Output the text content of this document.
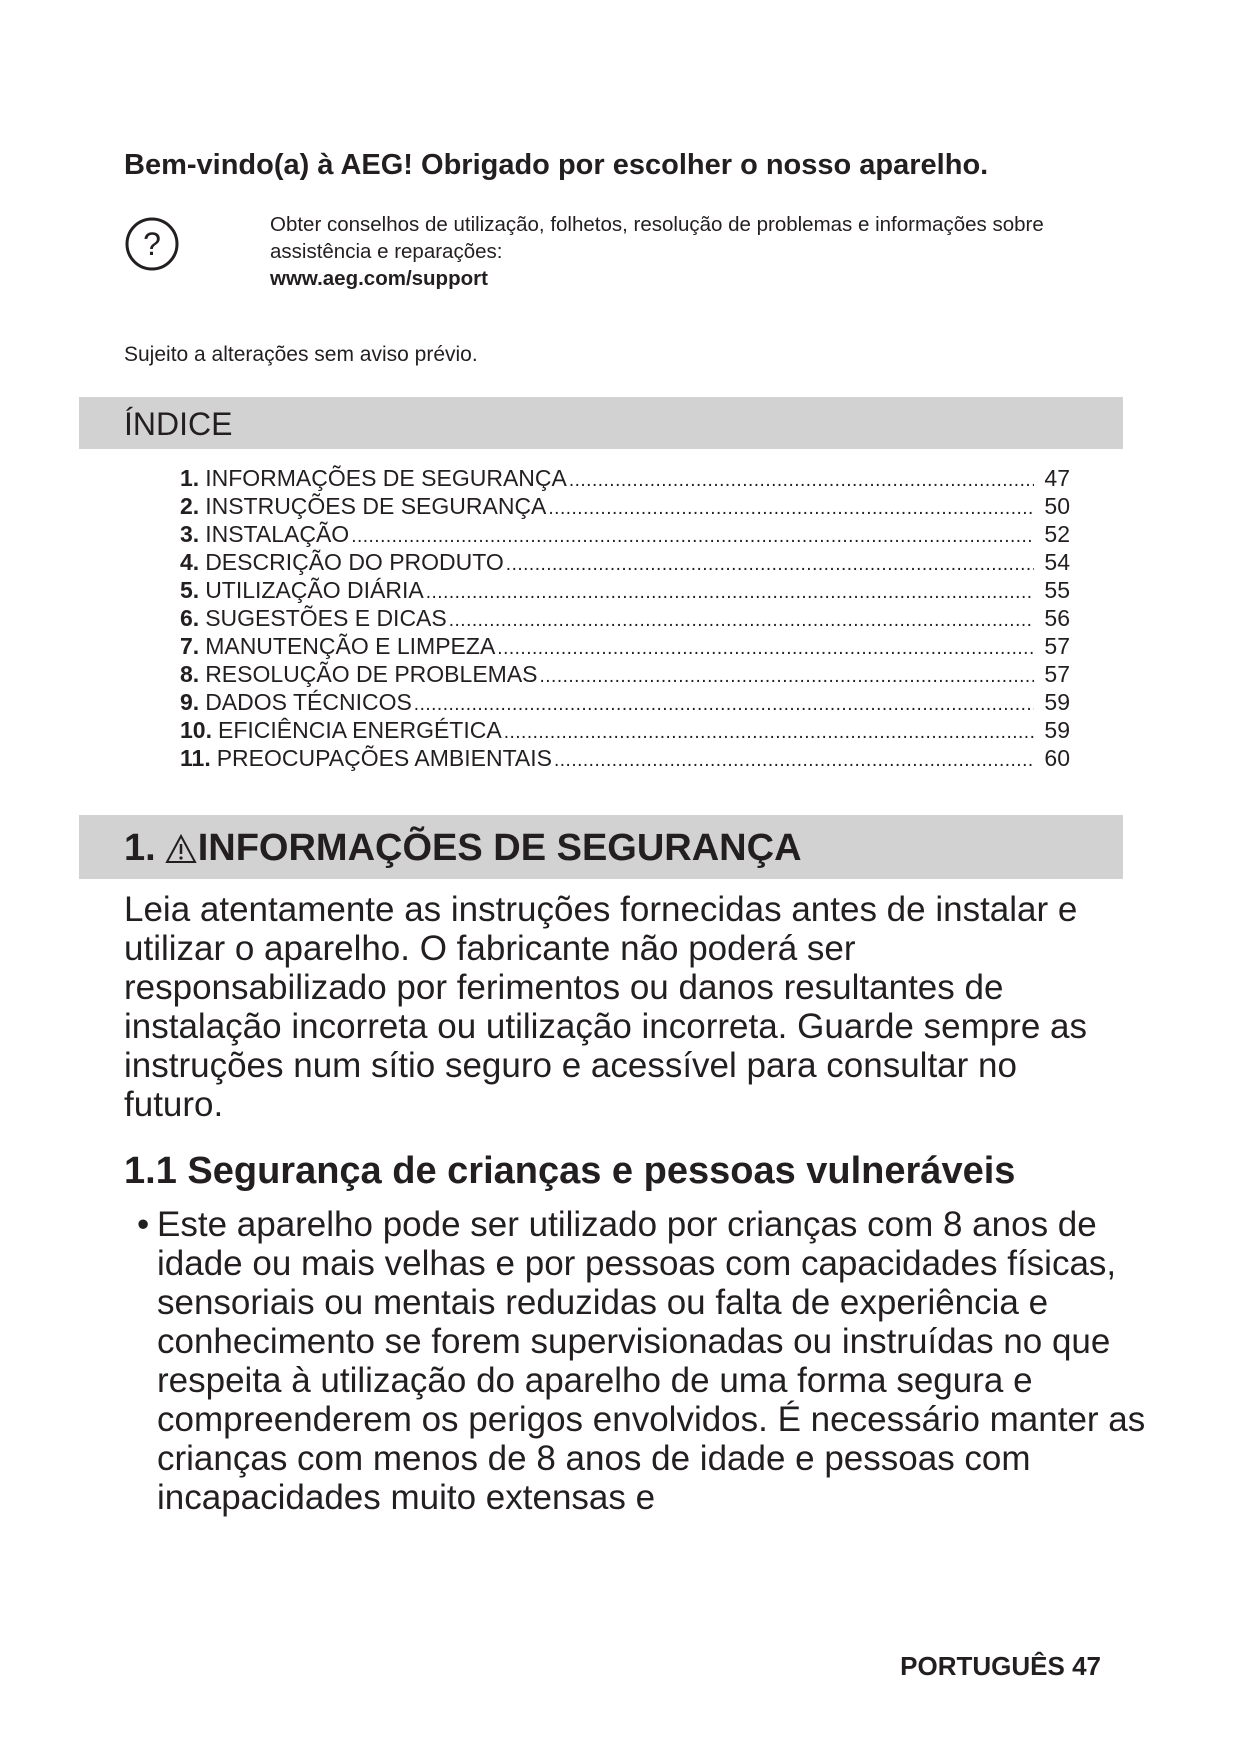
Bem-vindo(a) à AEG! Obrigado por escolher o nosso aparelho.
?
Obter conselhos de utilização, folhetos, resolução de problemas e informações sobre assistência e reparações:
www.aeg.com/support
Sujeito a alterações sem aviso prévio.
ÍNDICE
1. INFORMAÇÕES DE SEGURANÇA .....	47
2. INSTRUÇÕES DE SEGURANÇA .....	50
3. INSTALAÇÃO .....	52
4. DESCRIÇÃO DO PRODUTO .....	54
5. UTILIZAÇÃO DIÁRIA .....	55
6. SUGESTÕES E DICAS .....	56
7. MANUTENÇÃO E LIMPEZA .....	57
8. RESOLUÇÃO DE PROBLEMAS .....	57
9. DADOS TÉCNICOS .....	59
10. EFICIÊNCIA ENERGÉTICA .....	59
11. PREOCUPAÇÕES AMBIENTAIS .....	60
1. INFORMAÇÕES DE SEGURANÇA

Leia atentamente as instruções fornecidas antes de instalar e utilizar o aparelho. O fabricante não poderá ser responsabilizado por ferimentos ou danos resultantes de instalação incorreta ou utilização incorreta. Guarde sempre as instruções num sítio seguro e acessível para consultar no futuro.

1.1 Segurança de crianças e pessoas vulneráveis

• Este aparelho pode ser utilizado por crianças com 8 anos de idade ou mais velhas e por pessoas com capacidades físicas, sensoriais ou mentais reduzidas ou falta de experiência e conhecimento se forem supervisionadas ou instruídas no que respeita à utilização do aparelho de uma forma segura e compreenderem os perigos envolvidos. É necessário manter as crianças com menos de 8 anos de idade e pessoas com incapacidades muito extensas e

PORTUGUÊS 47
